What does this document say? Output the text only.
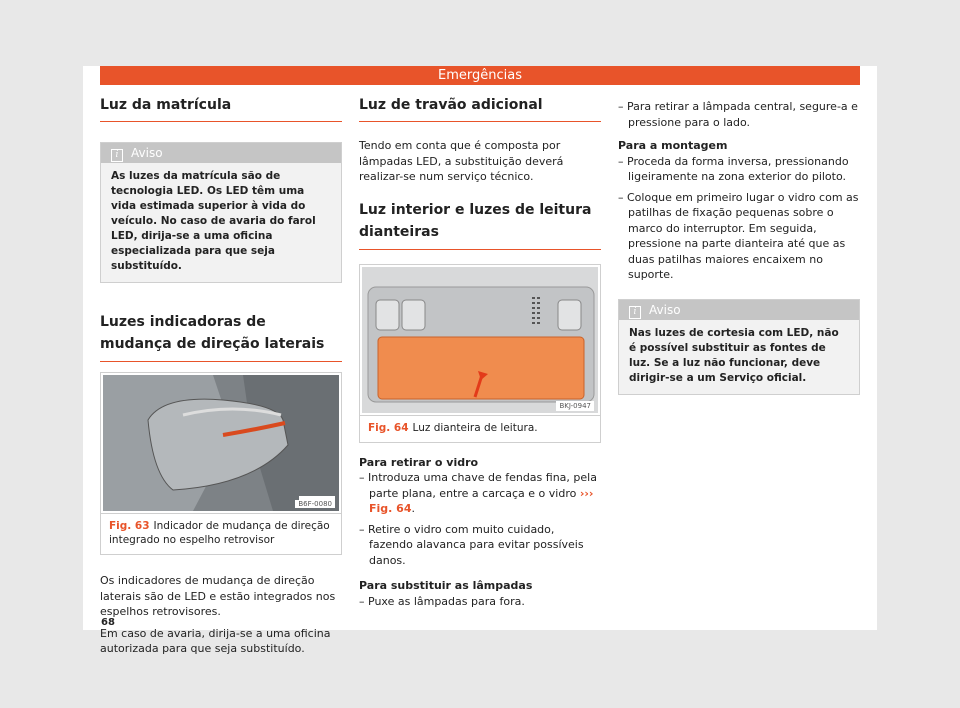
Emergências
Luz da matrícula
i Aviso
As luzes da matrícula são de tecnologia LED. Os LED têm uma vida estimada superior à vida do veículo. No caso de avaria do farol LED, dirija-se a uma oficina especializada para que seja substituído.
Luzes indicadoras de mudança de direção laterais
B6F-0080
Fig. 63 Indicador de mudança de direção integrado no espelho retrovisor

Os indicadores de mudança de direção laterais são de LED e estão integrados nos espelhos retrovisores.

Em caso de avaria, dirija-se a uma oficina autorizada para que seja substituído.

Luz de travão adicional

Tendo em conta que é composta por lâmpadas LED, a substituição deverá realizar-se num serviço técnico.

Luz interior e luzes de leitura dianteiras
BKJ-0947
Fig. 64 Luz dianteira de leitura.
Para retirar o vidro

– Introduza uma chave de fendas fina, pela parte plana, entre a carcaça e o vidro ››› Fig. 64.

– Retire o vidro com muito cuidado, fazendo alavanca para evitar possíveis danos.

Para substituir as lâmpadas

– Puxe as lâmpadas para fora.

– Para retirar a lâmpada central, segure-a e pressione para o lado.

Para a montagem

– Proceda da forma inversa, pressionando ligeiramente na zona exterior do piloto.

– Coloque em primeiro lugar o vidro com as patilhas de fixação pequenas sobre o marco do interruptor. Em seguida, pressione na parte dianteira até que as duas patilhas maiores encaixem no suporte.

i Aviso
Nas luzes de cortesia com LED, não é possível substituir as fontes de luz. Se a luz não funcionar, deve dirigir-se a um Serviço oficial.
68
